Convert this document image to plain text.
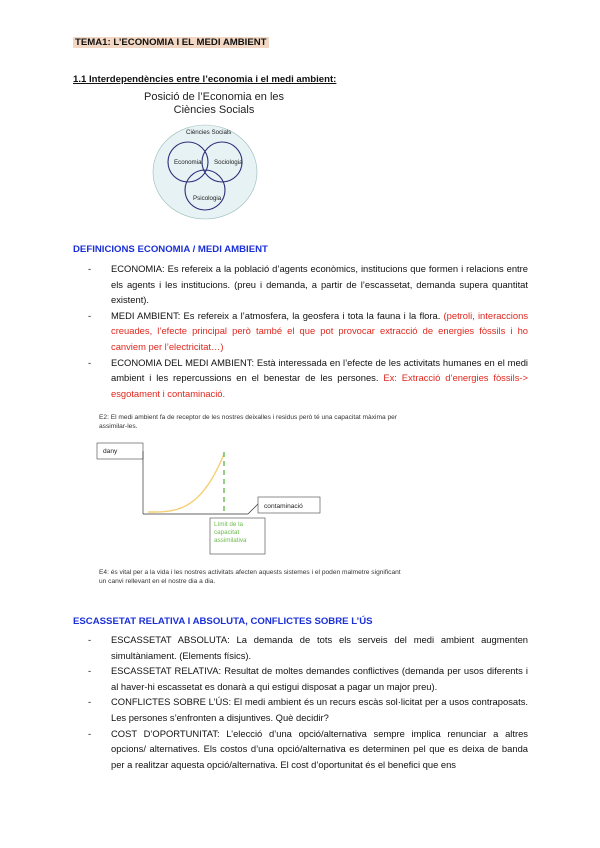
TEMA1: L’ECONOMIA I EL MEDI AMBIENT
1.1 Interdependències entre l’economia i el medi ambient:
Posició de l’Economia en les
Ciències Socials
Ciències Socials
Economia Sociologia
Psicologia
DEFINICIONS ECONOMIA / MEDI AMBIENT
- ECONOMIA: Es refereix a la població d’agents econòmics, institucions que formen i relacions entre els agents i les institucions. (preu i demanda, a partir de l’escassetat, demanda supera quantitat existent).
- MEDI AMBIENT: Es refereix a l’atmosfera, la geosfera i tota la fauna i la flora. (petroli, interaccions creuades, l’efecte principal però també el que pot provocar extracció de energies fòssils i ho canviem per l’electricitat…)
- ECONOMIA DEL MEDI AMBIENT: Està interessada en l’efecte de les activitats humanes en el medi ambient i les repercussions en el benestar de les persones. Ex: Extracció d’energies fòssils-> esgotament i contaminació.
E2: El medi ambient fa de receptor de les nostres deixalles i residus però té una capacitat màxima per assimilar-les.
dany
contaminació
Límit de la capacitat assimilativa
E4: és vital per a la vida i les nostres activitats afecten aquests sistemes i el poden malmetre significant un canvi rellevant en el nostre dia a dia.
ESCASSETAT RELATIVA I ABSOLUTA, CONFLICTES SOBRE L’ÚS
- ESCASSETAT ABSOLUTA: La demanda de tots els serveis del medi ambient augmenten simultàniament. (Elements físics).
- ESCASSETAT RELATIVA: Resultat de moltes demandes conflictives (demanda per usos diferents i al haver-hi escassetat es donarà a qui estigui disposat a pagar un major preu).
- CONFLICTES SOBRE L’ÚS: El medi ambient és un recurs escàs sol·licitat per a usos contraposats. Les persones s’enfronten a disjuntives. Què decidir?
- COST D’OPORTUNITAT: L’elecció d’una opció/alternativa sempre implica renunciar a altres opcions/ alternatives. Els costos d’una opció/alternativa es determinen pel que es deixa de banda per a realitzar aquesta opció/alternativa. El cost d’oportunitat és el benefici que ens
